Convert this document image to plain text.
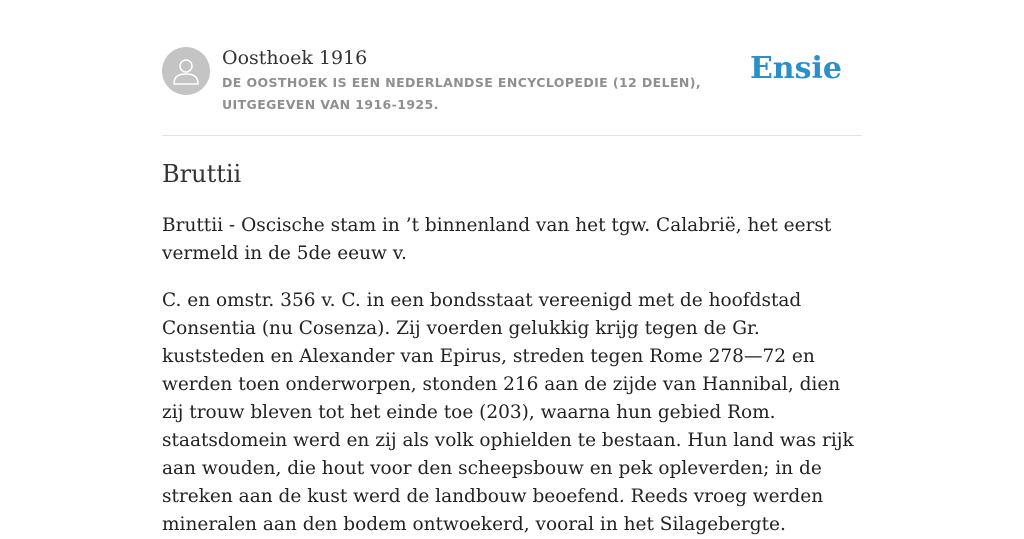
Oosthoek 1916
DE OOSTHOEK IS EEN NEDERLANDSE ENCYCLOPEDIE (12 DELEN), UITGEGEVEN VAN 1916-1925.
Ensie
Bruttii

Bruttii - Oscische stam in ’t binnenland van het tgw. Calabrië, het eerst vermeld in de 5de eeuw v.

C. en omstr. 356 v. C. in een bondsstaat vereenigd met de hoofdstad Consentia (nu Cosenza). Zij voerden gelukkig krijg tegen de Gr. kuststeden en Alexander van Epirus, streden tegen Rome 278—72 en werden toen onderworpen, stonden 216 aan de zijde van Hannibal, dien zij trouw bleven tot het einde toe (203), waarna hun gebied Rom. staatsdomein werd en zij als volk ophielden te bestaan. Hun land was rijk aan wouden, die hout voor den scheepsbouw en pek opleverden; in de streken aan de kust werd de landbouw beoefend. Reeds vroeg werden mineralen aan den bodem ontwoekerd, vooral in het Silagebergte.
